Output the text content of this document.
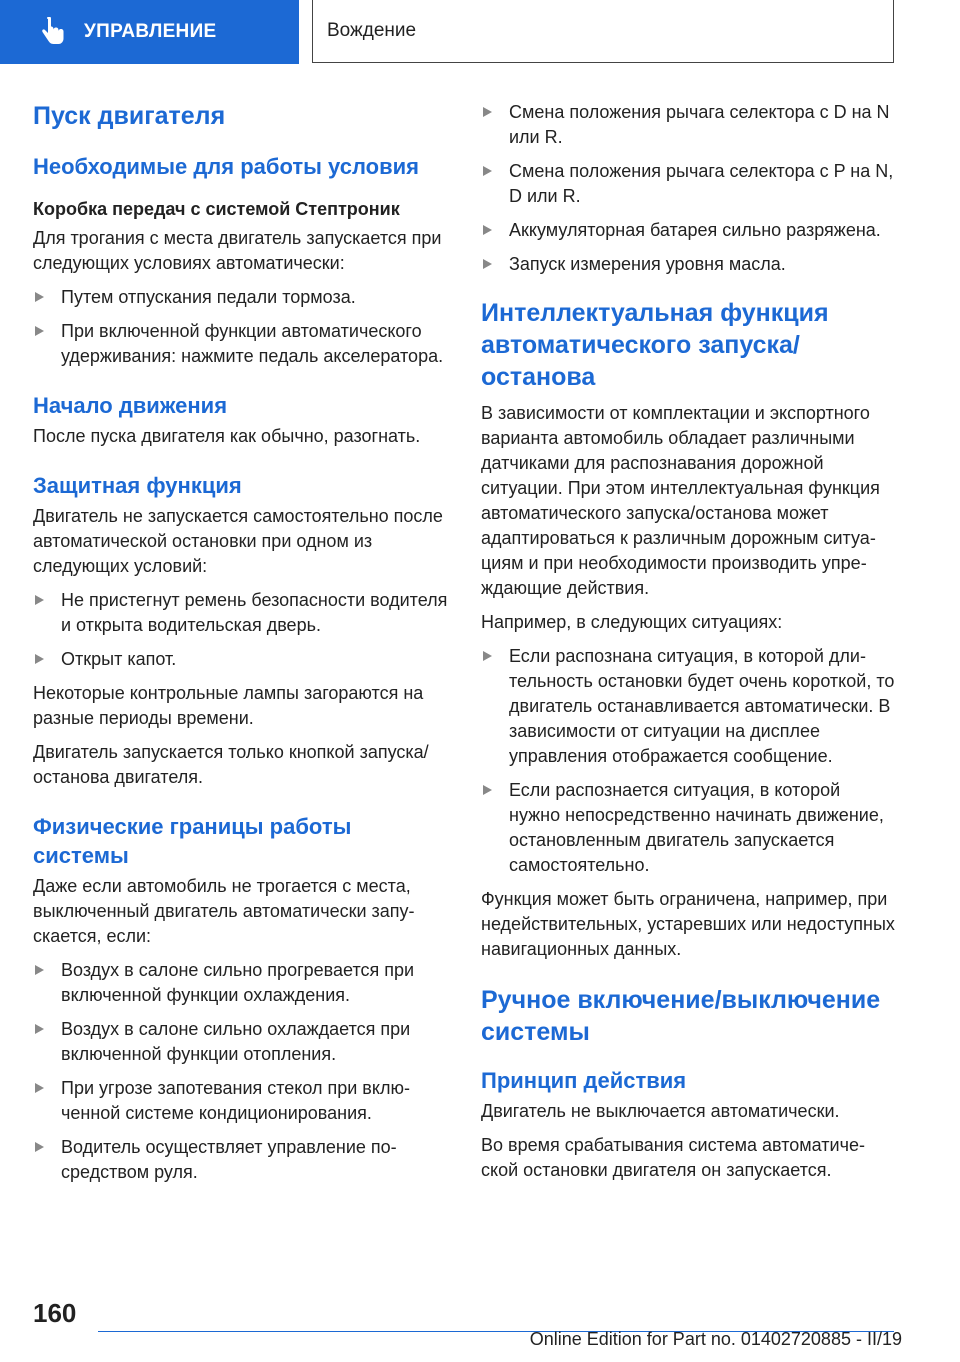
УПРАВЛЕНИЕ	Вождение
Пуск двигателя
Необходимые для работы условия
Коробка передач с системой Стептроник

Для трогания с места двигатель запускается при следующих условиях автоматически:

Путем отпускания педали тормоза.
При включенной функции автоматического удерживания: нажмите педаль акселератора.
Начало движения

После пуска двигателя как обычно, разогнать.

Защитная функция

Двигатель не запускается самостоятельно после автоматической остановки при одном из следующих условий:

Не пристегнут ремень безопасности водителя и открыта водительская дверь.
Открыт капот.

Некоторые контрольные лампы загораются на разные периоды времени.

Двигатель запускается только кнопкой запуска/останова двигателя.

Физические границы работы системы

Даже если автомобиль не трогается с места, выключенный двигатель автоматически запускается, если:

Воздух в салоне сильно прогревается при включенной функции охлаждения.
Воздух в салоне сильно охлаждается при включенной функции отопления.
При угрозе запотевания стекол при включенной системе кондиционирования.
Водитель осуществляет управление посредством руля.
Смена положения рычага селектора с D на N или R.
Смена положения рычага селектора с P на N, D или R.
Аккумуляторная батарея сильно разряжена.
Запуск измерения уровня масла.
Интеллектуальная функция автоматического запуска/останова

В зависимости от комплектации и экспортного варианта автомобиль обладает различными датчиками для распознавания дорожной ситуации. При этом интеллектуальная функция автоматического запуска/останова может адаптироваться к различным дорожным ситуациям и при необходимости производить упреждающие действия.

Например, в следующих ситуациях:

Если распознана ситуация, в которой длительность остановки будет очень короткой, то двигатель останавливается автоматически. В зависимости от ситуации на дисплее управления отображается сообщение.
Если распознается ситуация, в которой нужно непосредственно начинать движение, остановленным двигатель запускается самостоятельно.

Функция может быть ограничена, например, при недействительных, устаревших или недоступных навигационных данных.

Ручное включение/выключение системы
Принцип действия

Двигатель не выключается автоматически.

Во время срабатывания система автоматической остановки двигателя он запускается.

160
Online Edition for Part no. 01402720885 - II/19
